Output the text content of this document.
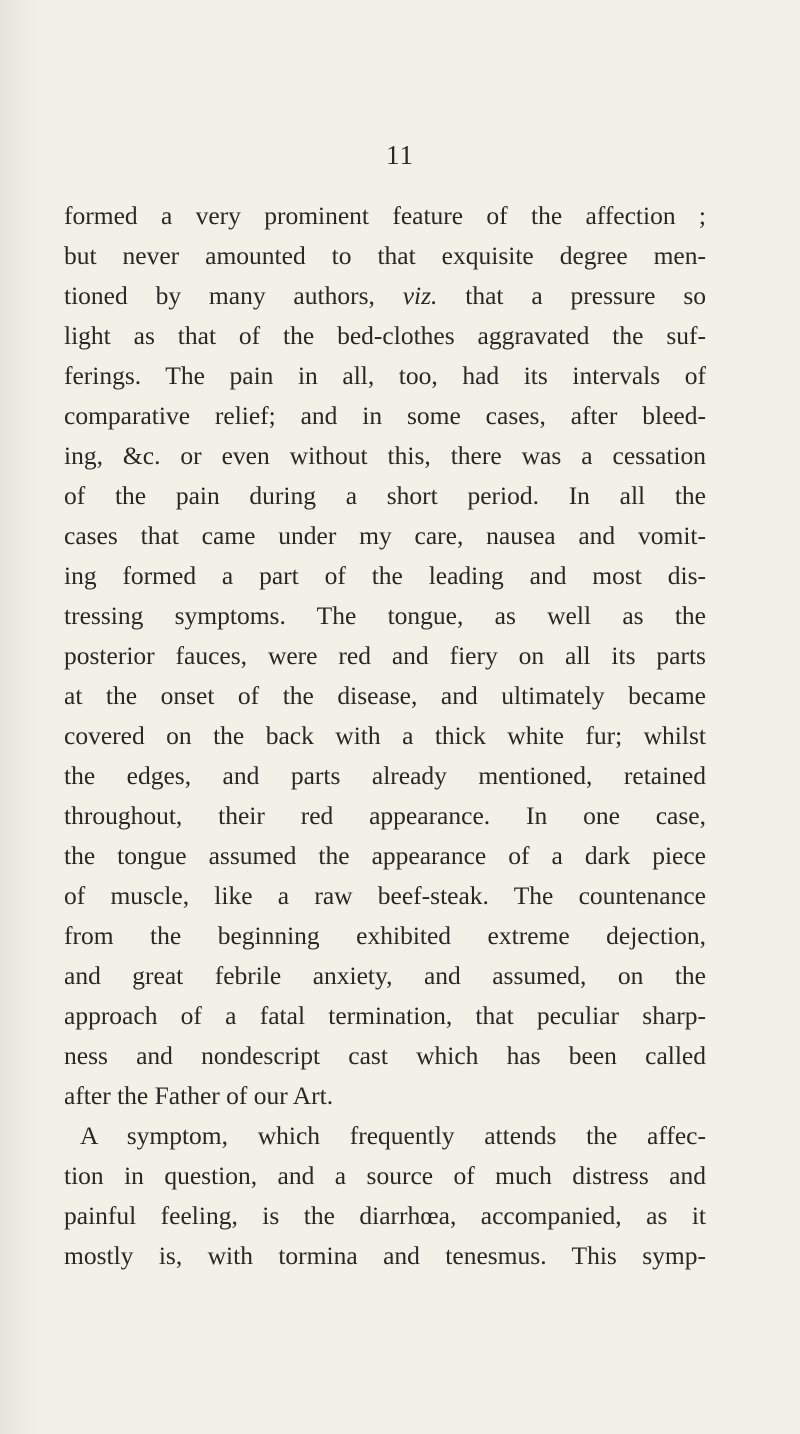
11
formed a very prominent feature of the affection ;
but never amounted to that exquisite degree men-
tioned by many authors, viz. that a pressure so
light as that of the bed-clothes aggravated the suf-
ferings. The pain in all, too, had its intervals of
comparative relief; and in some cases, after bleed-
ing, &c. or even without this, there was a cessation
of the pain during a short period. In all the
cases that came under my care, nausea and vomit-
ing formed a part of the leading and most dis-
tressing symptoms. The tongue, as well as the
posterior fauces, were red and fiery on all its parts
at the onset of the disease, and ultimately became
covered on the back with a thick white fur; whilst
the edges, and parts already mentioned, retained
throughout, their red appearance. In one case,
the tongue assumed the appearance of a dark piece
of muscle, like a raw beef-steak. The countenance
from the beginning exhibited extreme dejection,
and great febrile anxiety, and assumed, on the
approach of a fatal termination, that peculiar sharp-
ness and nondescript cast which has been called
after the Father of our Art.
A symptom, which frequently attends the affec-
tion in question, and a source of much distress and
painful feeling, is the diarrhœa, accompanied, as it
mostly is, with tormina and tenesmus. This symp-
